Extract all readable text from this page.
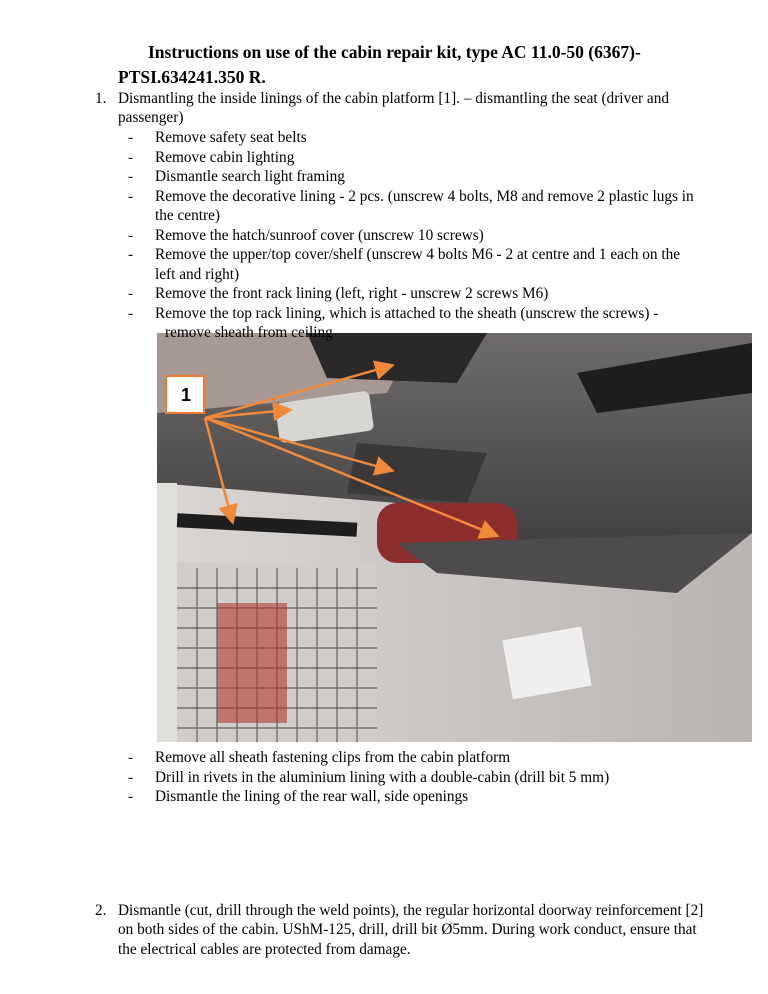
Instructions on use of the cabin repair kit, type AC 11.0-50 (6367)-
PTSI.634241.350 R.
1. Dismantling the inside linings of the cabin platform [1]. – dismantling the seat (driver and
passenger)
1
2. Dismantle (cut, drill through the weld points), the regular horizontal doorway reinforcement [2]
on both sides of the cabin. UShM-125, drill, drill bit Ø5mm. During work conduct, ensure that
the electrical cables are protected from damage.
- Remove safety seat belts
- Remove cabin lighting
- Dismantle search light framing
- Remove the decorative lining - 2 pcs. (unscrew 4 bolts, M8 and remove 2 plastic lugs in
the centre)
- Remove the hatch/sunroof cover (unscrew 10 screws)
- Remove the upper/top cover/shelf (unscrew 4 bolts M6 - 2 at centre and 1 each on the
left and right)
- Remove the front rack lining (left, right - unscrew 2 screws M6)
- Remove the top rack lining, which is attached to the sheath (unscrew the screws) -
remove sheath from ceiling
- Remove all sheath fastening clips from the cabin platform
- Drill in rivets in the aluminium lining with a double-cabin (drill bit 5 mm)
- Dismantle the lining of the rear wall, side openings
